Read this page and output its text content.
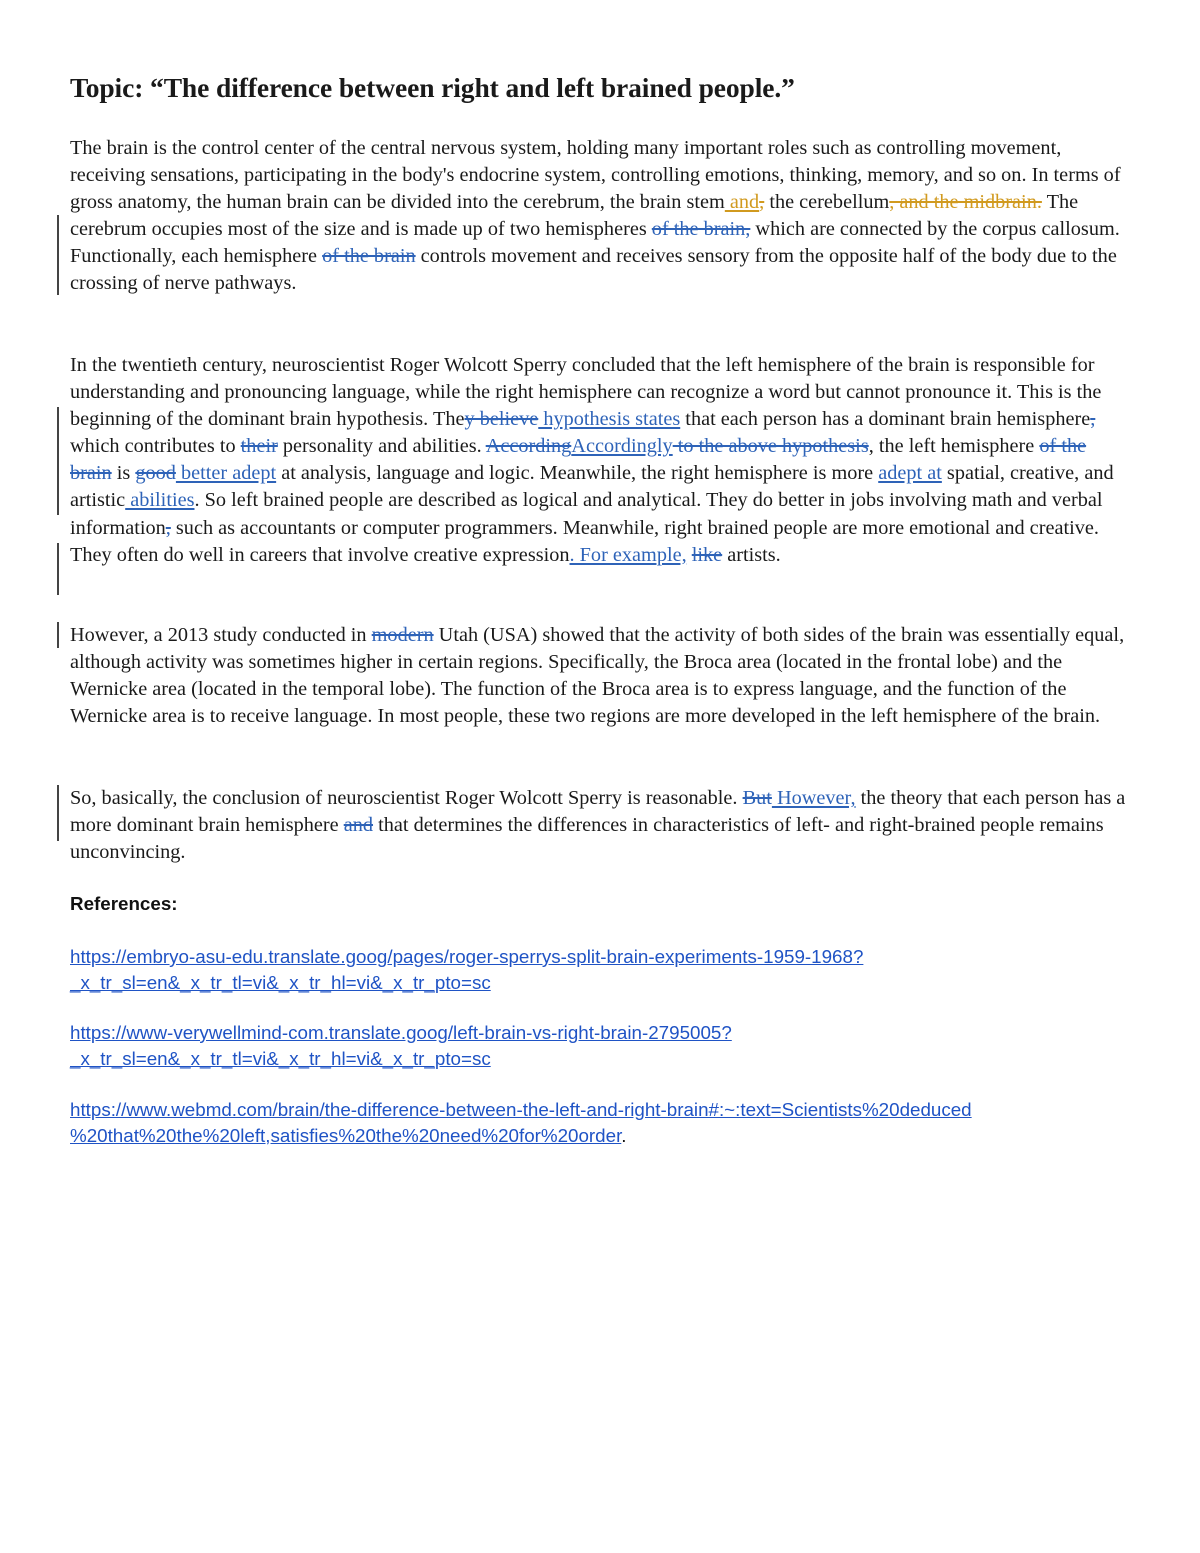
Topic: “The difference between right and left brained people.”

The brain is the control center of the central nervous system, holding many important roles such as controlling movement, receiving sensations, participating in the body's endocrine system, controlling emotions, thinking, memory, and so on. In terms of gross anatomy, the human brain can be divided into the cerebrum, the brain stem and, the cerebellum, and the midbrain. The cerebrum occupies most of the size and is made up of two hemispheres of the brain, which are connected by the corpus callosum. Functionally, each hemisphere of the brain controls movement and receives sensory from the opposite half of the body due to the crossing of nerve pathways.

In the twentieth century, neuroscientist Roger Wolcott Sperry concluded that the left hemisphere of the brain is responsible for understanding and pronouncing language, while the right hemisphere can recognize a word but cannot pronounce it. This is the beginning of the dominant brain hypothesis. They believe hypothesis states that each person has a dominant brain hemisphere, which contributes to their personality and abilities. AccordingAccordingly to the above hypothesis, the left hemisphere of the brain is good better adept at analysis, language and logic. Meanwhile, the right hemisphere is more adept at spatial, creative, and artistic abilities. So left brained people are described as logical and analytical. They do better in jobs involving math and verbal information, such as accountants or computer programmers. Meanwhile, right brained people are more emotional and creative. They often do well in careers that involve creative expression. For example, like artists.

However, a 2013 study conducted in modern Utah (USA) showed that the activity of both sides of the brain was essentially equal, although activity was sometimes higher in certain regions. Specifically, the Broca area (located in the frontal lobe) and the Wernicke area (located in the temporal lobe). The function of the Broca area is to express language, and the function of the Wernicke area is to receive language. In most people, these two regions are more developed in the left hemisphere of the brain.

So, basically, the conclusion of neuroscientist Roger Wolcott Sperry is reasonable. But However, the theory that each person has a more dominant brain hemisphere and that determines the differences in characteristics of left- and right-brained people remains unconvincing.

References:

https://embryo-asu-edu.translate.goog/pages/roger-sperrys-split-brain-experiments-1959-1968?
_x_tr_sl=en&_x_tr_tl=vi&_x_tr_hl=vi&_x_tr_pto=sc

https://www-verywellmind-com.translate.goog/left-brain-vs-right-brain-2795005?
_x_tr_sl=en&_x_tr_tl=vi&_x_tr_hl=vi&_x_tr_pto=sc

https://www.webmd.com/brain/the-difference-between-the-left-and-right-brain#:~:text=Scientists%20deduced
%20that%20the%20left,satisfies%20the%20need%20for%20order.
